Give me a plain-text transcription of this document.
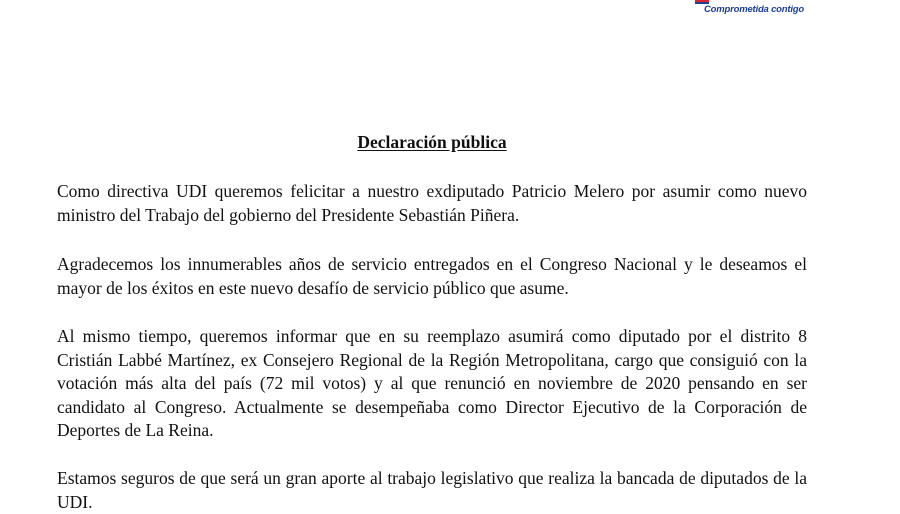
Comprometida contigo
Declaración pública

Como directiva UDI queremos felicitar a nuestro exdiputado Patricio Melero por asumir como nuevo ministro del Trabajo del gobierno del Presidente Sebastián Piñera.

Agradecemos los innumerables años de servicio entregados en el Congreso Nacional y le deseamos el mayor de los éxitos en este nuevo desafío de servicio público que asume.

Al mismo tiempo, queremos informar que en su reemplazo asumirá como diputado por el distrito 8 Cristián Labbé Martínez, ex Consejero Regional de la Región Metropolitana, cargo que consiguió con la votación más alta del país (72 mil votos) y al que renunció en noviembre de 2020 pensando en ser candidato al Congreso. Actualmente se desempeñaba como Director Ejecutivo de la Corporación de Deportes de La Reina.

Estamos seguros de que será un gran aporte al trabajo legislativo que realiza la bancada de diputados de la UDI.
